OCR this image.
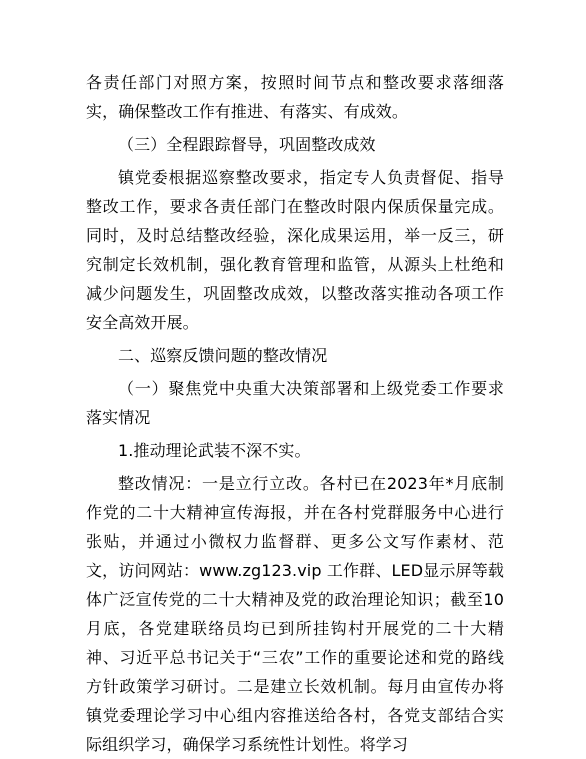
各责任部门对照方案，按照时间节点和整改要求落细落实，确保整改工作有推进、有落实、有成效。

（三）全程跟踪督导，巩固整改成效

镇党委根据巡察整改要求，指定专人负责督促、指导整改工作，要求各责任部门在整改时限内保质保量完成。同时，及时总结整改经验，深化成果运用，举一反三，研究制定长效机制，强化教育管理和监管，从源头上杜绝和减少问题发生，巩固整改成效，以整改落实推动各项工作安全高效开展。

二、巡察反馈问题的整改情况

（一）聚焦党中央重大决策部署和上级党委工作要求落实情况

1.推动理论武装不深不实。

整改情况：一是立行立改。各村已在2023年*月底制作党的二十大精神宣传海报，并在各村党群服务中心进行张贴，并通过小微权力监督群、更多公文写作素材、范文，访问网站：www.zg123.vip 工作群、LED显示屏等载体广泛宣传党的二十大精神及党的政治理论知识；截至10月底，各党建联络员均已到所挂钩村开展党的二十大精神、习近平总书记关于“三农”工作的重要论述和党的路线方针政策学习研讨。二是建立长效机制。每月由宣传办将镇党委理论学习中心组内容推送给各村，各党支部结合实际组织学习，确保学习系统性计划性。将学习
